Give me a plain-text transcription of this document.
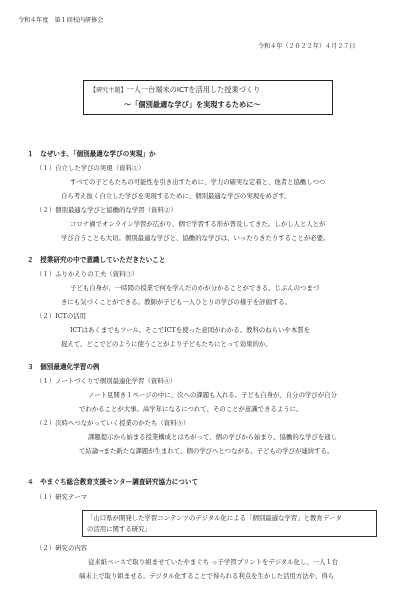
令和４年度　第１回校内研修会
令和４年（２０２２年）４月２７日
【研究主題】一人一台端末のICTを活用した授業づくり
～「個別最適な学び」を実現するために～
１　なぜいま、「個別最適な学びの実現」か
（１）自立した学びの実現（資料①）
すべての子どもたちの可能性を引き出すために、学力の確実な定着と、他者と協働しつつ
自ら考え抜く自立した学びを実現するために、個別最適な学びの実現をめざす。
（２）個別最適な学びと協働的な学習（資料②）
コロナ禍でオンライン学習が広がり、個で学習する形が普及してきた。しかし人と人とが
学び合うことも大切。個別最適な学びと、協働的な学びは、いったりきたりすることが必要。
２　授業研究の中で意識していただきたいこと
（１）ふりかえりの工夫（資料③）
子ども自身が、一時間の授業で何を学んだのかが分かることができる。じぶんのつまづ
きにも気づくことができる。教師が子ども一人ひとりの学びの様子を評価する。
（２）ICTの活用
ICTはあくまでもツール。そこでICTを使った意図がわかる。教科のねらいや本質を
捉えて、どこでどのように使うことがより子どもたちにとって効果的か。
３　個別最適化学習の例
（１）ノートづくりで個別最適化学習（資料④）
ノート見開き１ページの中に、次への課題も入れる。子ども自身が、自分の学びが自分
でわかることが大事。高学年になるにつれて、そのことが意識できるように。
（２）次時へつながっていく授業のかたち（資料⑤）
課題提示から始まる授業構成とはちがって、個の学びから始まり、協働的な学びを通し
て結論→また新たな課題が生まれて、個の学びへとつながる。子どもの学びが連続する。
４　やまぐち総合教育支援センター調査研究協力について
（１）研究テーマ
「山口県が開発した学習コンテンツのデジタル化による「個別最適な学習」と教育データ
の活用に関する研究」
（２）研究の内容
従来紙ベースで取り組ませていたやまぐち っ子学習プリントをデジタル化し、一人１台
端末上で取り組ませる。デジタル化することで得られる利点を生かした活用方法や、得ら
